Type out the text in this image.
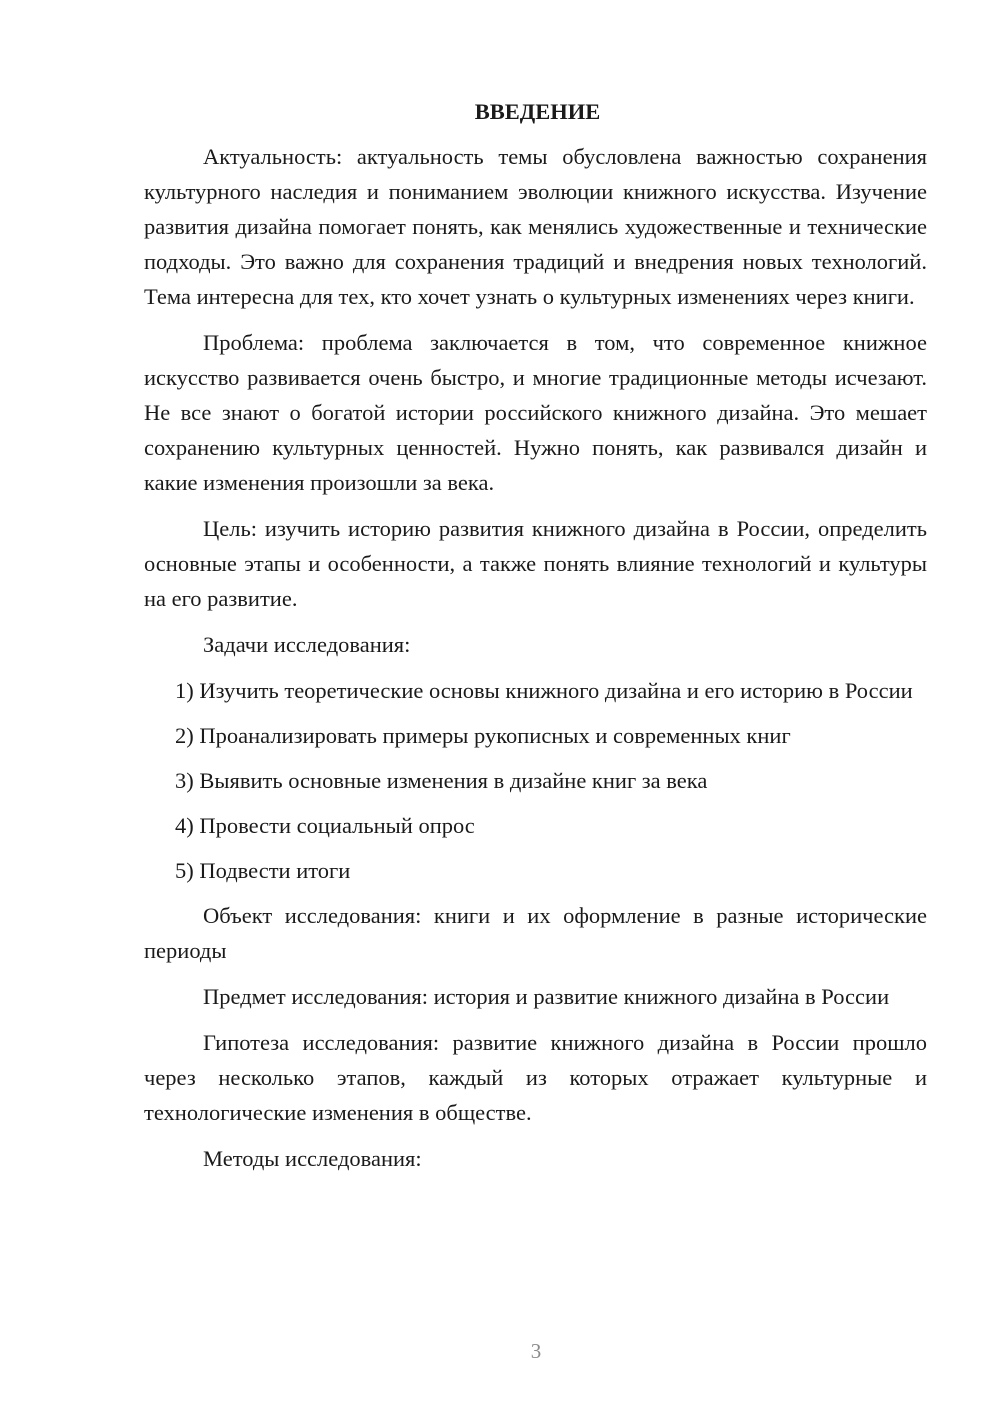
ВВЕДЕНИЕ

Актуальность: актуальность темы обусловлена важностью сохранения культурного наследия и пониманием эволюции книжного искусства. Изучение развития дизайна помогает понять, как менялись художественные и технические подходы. Это важно для сохранения традиций и внедрения новых технологий. Тема интересна для тех, кто хочет узнать о культурных изменениях через книги.

Проблема: проблема заключается в том, что современное книжное искусство развивается очень быстро, и многие традиционные методы исчезают. Не все знают о богатой истории российского книжного дизайна. Это мешает сохранению культурных ценностей. Нужно понять, как развивался дизайн и какие изменения произошли за века.

Цель: изучить историю развития книжного дизайна в России, определить основные этапы и особенности, а также понять влияние технологий и культуры на его развитие.

Задачи исследования:

1) Изучить теоретические основы книжного дизайна и его историю в России

2) Проанализировать примеры рукописных и современных книг

3) Выявить основные изменения в дизайне книг за века

4) Провести социальный опрос

5) Подвести итоги

Объект исследования: книги и их оформление в разные исторические периоды

Предмет исследования: история и развитие книжного дизайна в России

Гипотеза исследования: развитие книжного дизайна в России прошло через несколько этапов, каждый из которых отражает культурные и технологические изменения в обществе.

Методы исследования:

3
